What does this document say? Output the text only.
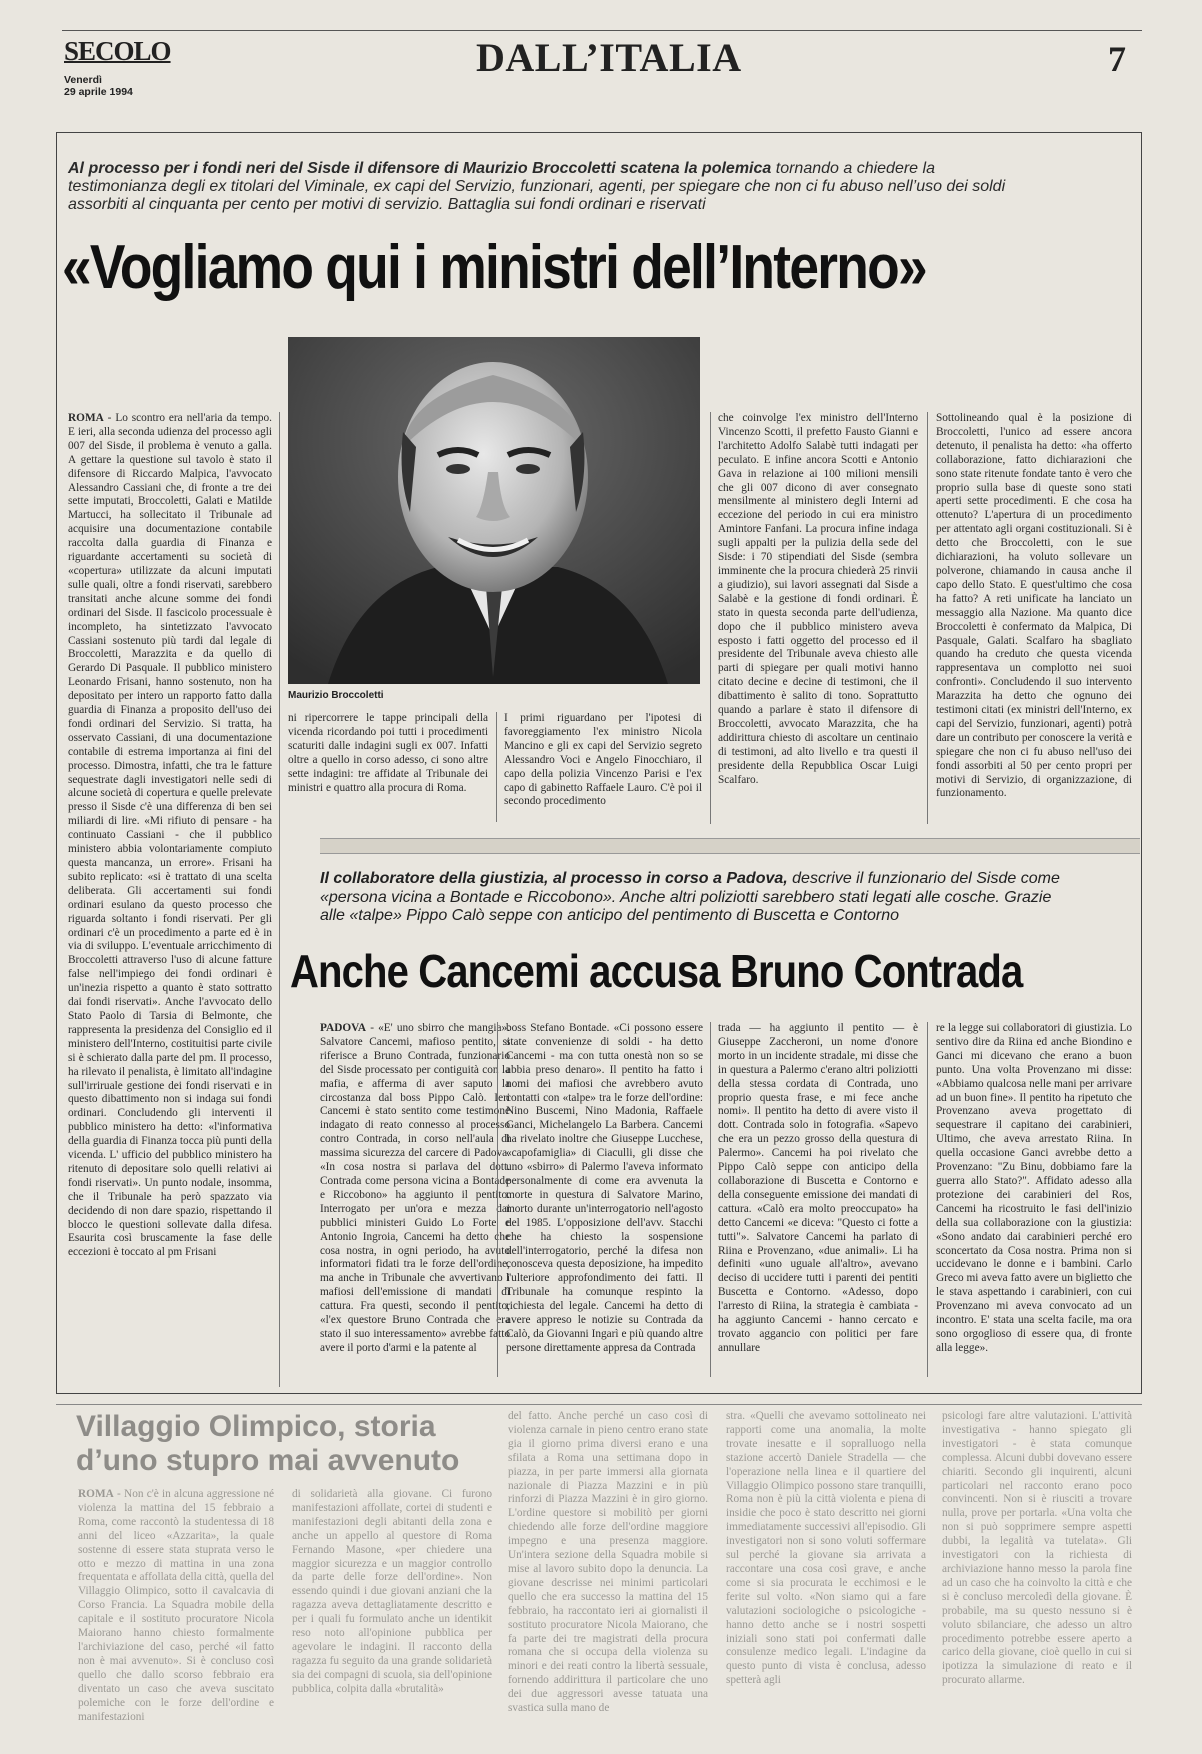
SECOLO
Venerdì
29 aprile 1994
DALL’ITALIA	7
Al processo per i fondi neri del Sisde il difensore di Maurizio Broccoletti scatena la polemica tornando a chiedere la testimonianza degli ex titolari del Viminale, ex capi del Servizio, funzionari, agenti, per spiegare che non ci fu abuso nell’uso dei soldi assorbiti al cinquanta per cento per motivi di servizio. Battaglia sui fondi ordinari e riservati
«Vogliamo qui i ministri dell’Interno»
Maurizio Broccoletti

ROMA - Lo scontro era nell'aria da tempo. E ieri, alla seconda udienza del processo agli 007 del Sisde, il problema è venuto a galla. A gettare la questione sul tavolo è stato il difensore di Riccardo Malpica, l'avvocato Alessandro Cassiani che, di fronte a tre dei sette imputati, Broccoletti, Galati e Matilde Martucci, ha sollecitato il Tribunale ad acquisire una documentazione contabile raccolta dalla guardia di Finanza e riguardante accertamenti su società di «copertura» utilizzate da alcuni imputati sulle quali, oltre a fondi riservati, sarebbero transitati anche alcune somme dei fondi ordinari del Sisde. Il fascicolo processuale è incompleto, ha sintetizzato l'avvocato Cassiani sostenuto più tardi dal legale di Broccoletti, Marazzita e da quello di Gerardo Di Pasquale. Il pubblico ministero Leonardo Frisani, hanno sostenuto, non ha depositato per intero un rapporto fatto dalla guardia di Finanza a proposito dell'uso dei fondi ordinari del Servizio. Si tratta, ha osservato Cassiani, di una documentazione contabile di estrema importanza ai fini del processo. Dimostra, infatti, che tra le fatture sequestrate dagli investigatori nelle sedi di alcune società di copertura e quelle prelevate presso il Sisde c'è una differenza di ben sei miliardi di lire. «Mi rifiuto di pensare - ha continuato Cassiani - che il pubblico ministero abbia volontariamente compiuto questa mancanza, un errore». Frisani ha subito replicato: «si è trattato di una scelta deliberata. Gli accertamenti sui fondi ordinari esulano da questo processo che riguarda soltanto i fondi riservati. Per gli ordinari c'è un procedimento a parte ed è in via di sviluppo. L'eventuale arricchimento di Broccoletti attraverso l'uso di alcune fatture false nell'impiego dei fondi ordinari è un'inezia rispetto a quanto è stato sottratto dai fondi riservati». Anche l'avvocato dello Stato Paolo di Tarsia di Belmonte, che rappresenta la presidenza del Consiglio ed il ministero dell'Interno, costituitisi parte civile si è schierato dalla parte del pm. Il processo, ha rilevato il penalista, è limitato all'indagine sull'irriruale gestione dei fondi riservati e in questo dibattimento non si indaga sui fondi ordinari. Concludendo gli interventi il pubblico ministero ha detto: «l'informativa della guardia di Finanza tocca più punti della vicenda. L' ufficio del pubblico ministero ha ritenuto di depositare solo quelli relativi ai fondi riservati». Un punto nodale, insomma, che il Tribunale ha però spazzato via decidendo di non dare spazio, rispettando il blocco le questioni sollevate dalla difesa. Esaurita così bruscamente la fase delle eccezioni è toccato al pm Frisani

ni ripercorrere le tappe principali della vicenda ricordando poi tutti i procedimenti scaturiti dalle indagini sugli ex 007. Infatti oltre a quello in corso adesso, ci sono altre sette indagini: tre affidate al Tribunale dei ministri e quattro alla procura di Roma.

I primi riguardano per l'ipotesi di favoreggiamento l'ex ministro Nicola Mancino e gli ex capi del Servizio segreto Alessandro Voci e Angelo Finocchiaro, il capo della polizia Vincenzo Parisi e l'ex capo di gabinetto Raffaele Lauro. C'è poi il secondo procedimento

che coinvolge l'ex ministro dell'Interno Vincenzo Scotti, il prefetto Fausto Gianni e l'architetto Adolfo Salabè tutti indagati per peculato. E infine ancora Scotti e Antonio Gava in relazione ai 100 milioni mensili che gli 007 dicono di aver consegnato mensilmente al ministero degli Interni ad eccezione del periodo in cui era ministro Amintore Fanfani. La procura infine indaga sugli appalti per la pulizia della sede del Sisde: i 70 stipendiati del Sisde (sembra imminente che la procura chiederà 25 rinvii a giudizio), sui lavori assegnati dal Sisde a Salabè e la gestione di fondi ordinari. È stato in questa seconda parte dell'udienza, dopo che il pubblico ministero aveva esposto i fatti oggetto del processo ed il presidente del Tribunale aveva chiesto alle parti di spiegare per quali motivi hanno citato decine e decine di testimoni, che il dibattimento è salito di tono. Soprattutto quando a parlare è stato il difensore di Broccoletti, avvocato Marazzita, che ha addirittura chiesto di ascoltare un centinaio di testimoni, ad alto livello e tra questi il presidente della Repubblica Oscar Luigi Scalfaro.

Sottolineando qual è la posizione di Broccoletti, l'unico ad essere ancora detenuto, il penalista ha detto: «ha offerto collaborazione, fatto dichiarazioni che sono state ritenute fondate tanto è vero che proprio sulla base di queste sono stati aperti sette procedimenti. E che cosa ha ottenuto? L'apertura di un procedimento per attentato agli organi costituzionali. Si è detto che Broccoletti, con le sue dichiarazioni, ha voluto sollevare un polverone, chiamando in causa anche il capo dello Stato. E quest'ultimo che cosa ha fatto? A reti unificate ha lanciato un messaggio alla Nazione. Ma quanto dice Broccoletti è confermato da Malpica, Di Pasquale, Galati. Scalfaro ha sbagliato quando ha creduto che questa vicenda rappresentava un complotto nei suoi confronti». Concludendo il suo intervento Marazzita ha detto che ognuno dei testimoni citati (ex ministri dell'Interno, ex capi del Servizio, funzionari, agenti) potrà dare un contributo per conoscere la verità e spiegare che non ci fu abuso nell'uso dei fondi assorbiti al 50 per cento propri per motivi di Servizio, di organizzazione, di funzionamento.

Il collaboratore della giustizia, al processo in corso a Padova, descrive il funzionario del Sisde come «persona vicina a Bontade e Riccobono». Anche altri poliziotti sarebbero stati legati alle cosche. Grazie alle «talpe» Pippo Calò seppe con anticipo del pentimento di Buscetta e Contorno
Anche Cancemi accusa Bruno Contrada

PADOVA - «E' uno sbirro che mangia». Salvatore Cancemi, mafioso pentito, si riferisce a Bruno Contrada, funzionario del Sisde processato per contiguità con la mafia, e afferma di aver saputo la circostanza dal boss Pippo Calò. Ieri Cancemi è stato sentito come testimone indagato di reato connesso al processo contro Contrada, in corso nell'aula di massima sicurezza del carcere di Padova. «In cosa nostra si parlava del dott. Contrada come persona vicina a Bontade e Riccobono» ha aggiunto il pentito. Interrogato per un'ora e mezza dai pubblici ministeri Guido Lo Forte e Antonio Ingroia, Cancemi ha detto che cosa nostra, in ogni periodo, ha avuto informatori fidati tra le forze dell'ordine, ma anche in Tribunale che avvertivano i mafiosi dell'emissione di mandati di cattura. Fra questi, secondo il pentito, «l'ex questore Bruno Contrada che era stato il suo interessamento» avrebbe fatto avere il porto d'armi e la patente al

boss Stefano Bontade. «Ci possono essere state convenienze di soldi - ha detto Cancemi - ma con tutta onestà non so se abbia preso denaro». Il pentito ha fatto i nomi dei mafiosi che avrebbero avuto contatti con «talpe» tra le forze dell'ordine: Nino Buscemi, Nino Madonia, Raffaele Ganci, Michelangelo La Barbera. Cancemi ha rivelato inoltre che Giuseppe Lucchese, «capofamiglia» di Ciaculli, gli disse che uno «sbirro» di Palermo l'aveva informato personalmente di come era avvenuta la morte in questura di Salvatore Marino, morto durante un'interrogatorio nell'agosto del 1985. L'opposizione dell'avv. Stacchi che ha chiesto la sospensione dell'interrogatorio, perché la difesa non conosceva questa deposizione, ha impedito l'ulteriore approfondimento dei fatti. Il Tribunale ha comunque respinto la richiesta del legale. Cancemi ha detto di avere appreso le notizie su Contrada da Calò, da Giovanni Ingarì e più quando altre persone direttamente appresa da Contrada

trada — ha aggiunto il pentito — è Giuseppe Zaccheroni, un nome d'onore morto in un incidente stradale, mi disse che in questura a Palermo c'erano altri poliziotti della stessa cordata di Contrada, uno proprio questa frase, e mi fece anche nomi». Il pentito ha detto di avere visto il dott. Contrada solo in fotografia. «Sapevo che era un pezzo grosso della questura di Palermo». Cancemi ha poi rivelato che Pippo Calò seppe con anticipo della collaborazione di Buscetta e Contorno e della conseguente emissione dei mandati di cattura. «Calò era molto preoccupato» ha detto Cancemi «e diceva: "Questo ci fotte a tutti"». Salvatore Cancemi ha parlato di Riina e Provenzano, «due animali». Li ha definiti «uno uguale all'altro», avevano deciso di uccidere tutti i parenti dei pentiti Buscetta e Contorno. «Adesso, dopo l'arresto di Riina, la strategia è cambiata - ha aggiunto Cancemi - hanno cercato e trovato aggancio con politici per fare annullare

re la legge sui collaboratori di giustizia. Lo sentivo dire da Riina ed anche Biondino e Ganci mi dicevano che erano a buon punto. Una volta Provenzano mi disse: «Abbiamo qualcosa nelle mani per arrivare ad un buon fine». Il pentito ha ripetuto che Provenzano aveva progettato di sequestrare il capitano dei carabinieri, Ultimo, che aveva arrestato Riina. In quella occasione Ganci avrebbe detto a Provenzano: "Zu Binu, dobbiamo fare la guerra allo Stato?". Affidato adesso alla protezione dei carabinieri del Ros, Cancemi ha ricostruito le fasi dell'inizio della sua collaborazione con la giustizia: «Sono andato dai carabinieri perché ero sconcertato da Cosa nostra. Prima non si uccidevano le donne e i bambini. Carlo Greco mi aveva fatto avere un biglietto che le stava aspettando i carabinieri, con cui Provenzano mi aveva convocato ad un incontro. E' stata una scelta facile, ma ora sono orgoglioso di essere qua, di fronte alla legge».

Villaggio Olimpico, storia d’uno stupro mai avvenuto

ROMA - Non c'è in alcuna aggressione né violenza la mattina del 15 febbraio a Roma, come raccontò la studentessa di 18 anni del liceo «Azzarita», la quale sostenne di essere stata stuprata verso le otto e mezzo di mattina in una zona frequentata e affollata della città, quella del Villaggio Olimpico, sotto il cavalcavia di Corso Francia. La Squadra mobile della capitale e il sostituto procuratore Nicola Maiorano hanno chiesto formalmente l'archiviazione del caso, perché «il fatto non è mai avvenuto». Si è concluso così quello che dallo scorso febbraio era diventato un caso che aveva suscitato polemiche con le forze dell'ordine e manifestazioni

di solidarietà alla giovane. Ci furono manifestazioni affollate, cortei di studenti e manifestazioni degli abitanti della zona e anche un appello al questore di Roma Fernando Masone, «per chiedere una maggior sicurezza e un maggior controllo da parte delle forze dell'ordine». Non essendo quindi i due giovani anziani che la ragazza aveva dettagliatamente descritto e per i quali fu formulato anche un identikit reso noto all'opinione pubblica per agevolare le indagini. Il racconto della ragazza fu seguito da una grande solidarietà sia dei compagni di scuola, sia dell'opinione pubblica, colpita dalla «brutalità»

del fatto. Anche perché un caso così di violenza carnale in pieno centro erano state gia il giorno prima diversi erano e una sfilata a Roma una settimana dopo in piazza, in per parte immersi alla giornata nazionale di Piazza Mazzini e in più rinforzi di Piazza Mazzini è in giro giorno. L'ordine questore si mobilitò per giorni chiedendo alle forze dell'ordine maggiore impegno e una presenza maggiore. Un'intera sezione della Squadra mobile si mise al lavoro subito dopo la denuncia. La giovane descrisse nei minimi particolari quello che era successo la mattina del 15 febbraio, ha raccontato ieri ai giornalisti il sostituto procuratore Nicola Maiorano, che fa parte dei tre magistrati della procura romana che si occupa della violenza su minori e dei reati contro la libertà sessuale, fornendo addirittura il particolare che uno dei due aggressori avesse tatuata una svastica sulla mano de

stra. «Quelli che avevamo sottolineato nei rapporti come una anomalia, la molte trovate inesatte e il sopralluogo nella stazione accertò Daniele Stradella — che l'operazione nella linea e il quartiere del Villaggio Olimpico possono stare tranquilli, Roma non è più la città violenta e piena di insidie che poco è stato descritto nei giorni immediatamente successivi all'episodio. Gli investigatori non si sono voluti soffermare sul perché la giovane sia arrivata a raccontare una cosa così grave, e anche come si sia procurata le ecchimosi e le ferite sul volto. «Non siamo qui a fare valutazioni sociologiche o psicologiche - hanno detto anche se i nostri sospetti iniziali sono stati poi confermati dalle consulenze medico legali. L'indagine da questo punto di vista è conclusa, adesso spetterà agli

psicologi fare altre valutazioni. L'attività investigativa - hanno spiegato gli investigatori - è stata comunque complessa. Alcuni dubbi dovevano essere chiariti. Secondo gli inquirenti, alcuni particolari nel racconto erano poco convincenti. Non si è riusciti a trovare nulla, prove per portarla. «Una volta che non si può sopprimere sempre aspetti dubbi, la legalità va tutelata». Gli investigatori con la richiesta di archiviazione hanno messo la parola fine ad un caso che ha coinvolto la città e che si è concluso mercoledì della giovane. È probabile, ma su questo nessuno si è voluto sbilanciare, che adesso un altro procedimento potrebbe essere aperto a carico della giovane, cioè quello in cui si ipotizza la simulazione di reato e il procurato allarme.
